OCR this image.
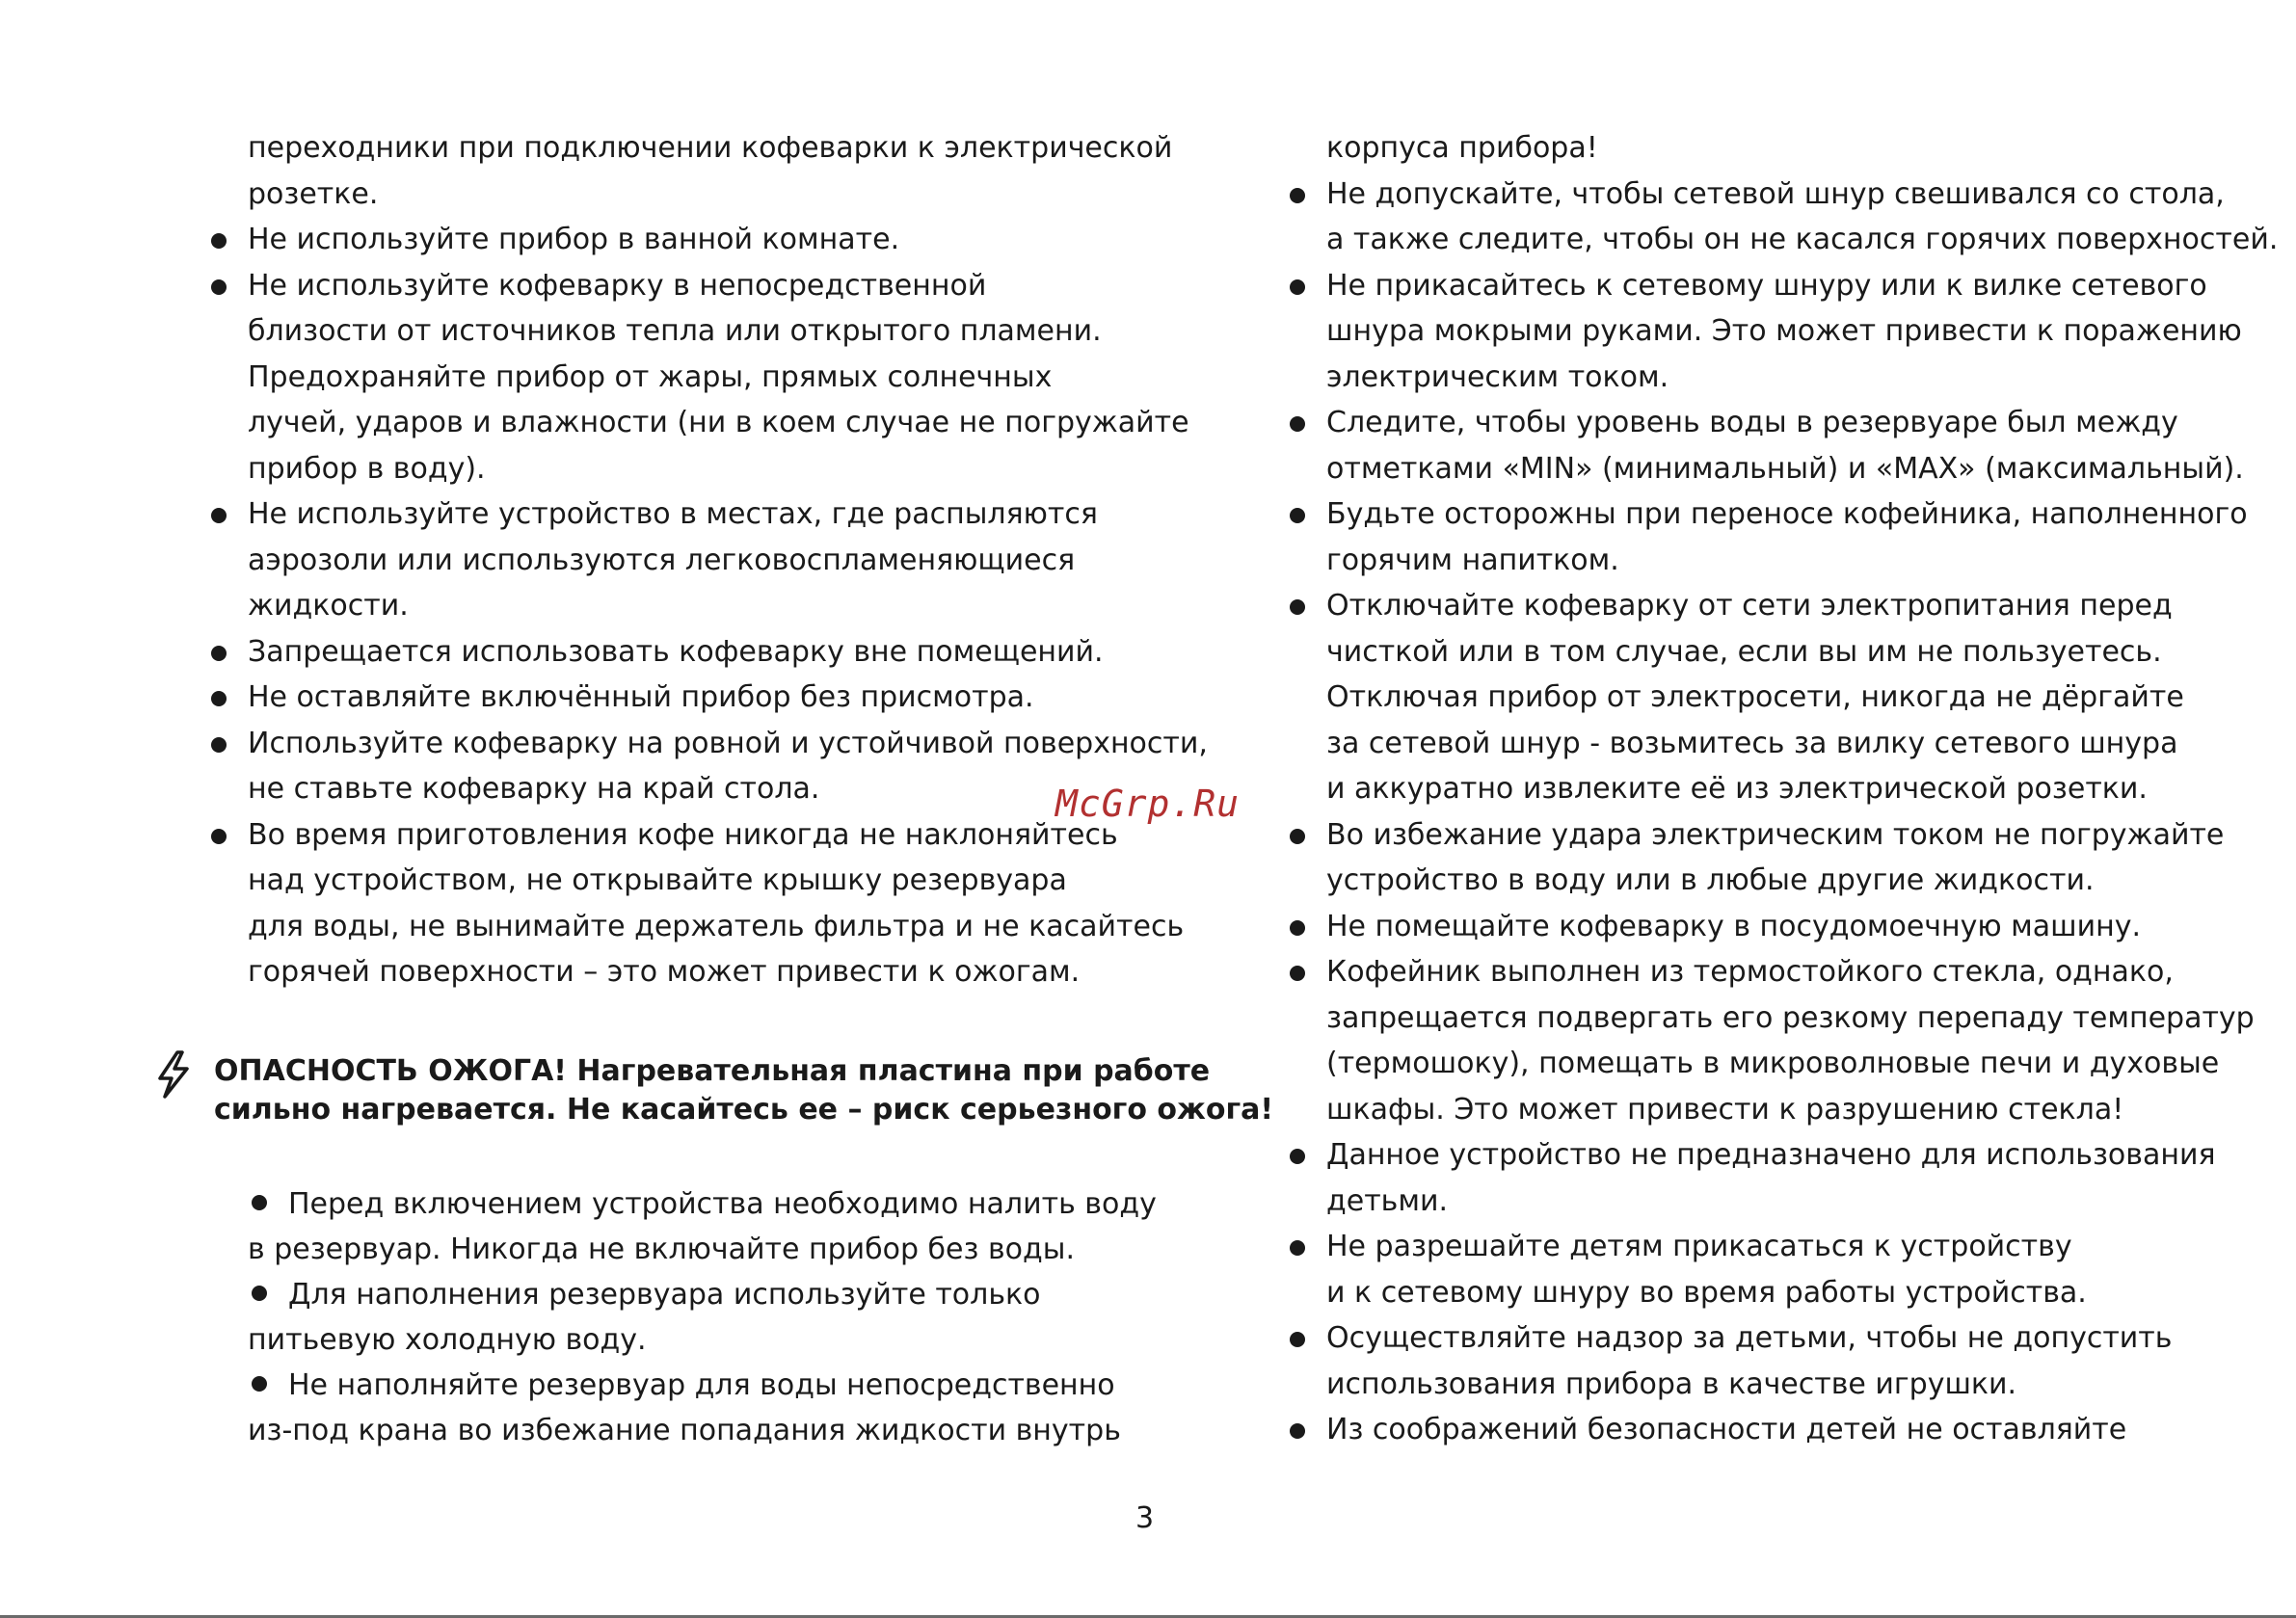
переходники при подключении кофеварки к электрической
розетке.
Не используйте прибор в ванной комнате.
Не используйте кофеварку в непосредственной
близости от источников тепла или открытого пламени.
Предохраняйте прибор от жары, прямых солнечных
лучей, ударов и влажности (ни в коем случае не погружайте
прибор в воду).
Не используйте устройство в местах, где распыляются
аэрозоли или используются легковоспламеняющиеся
жидкости.
Запрещается использовать кофеварку вне помещений.
Не оставляйте включённый прибор без присмотра.
Используйте кофеварку на ровной и устойчивой поверхности,
не ставьте кофеварку на край стола.
Во время приготовления кофе никогда не наклоняйтесь
над устройством, не открывайте крышку резервуара
для воды, не вынимайте держатель фильтра и не касайтесь
горячей поверхности – это может привести к ожогам.
ОПАСНОСТЬ ОЖОГА! Нагревательная пластина при работе
сильно нагревается. Не касайтесь ее – риск серьезного ожога!
Перед включением устройства необходимо налить воду
в резервуар. Никогда не включайте прибор без воды.
Для наполнения резервуара используйте только
питьевую холодную воду.
Не наполняйте резервуар для воды непосредственно
из-под крана во избежание попадания жидкости внутрь
корпуса прибора!
Не допускайте, чтобы сетевой шнур свешивался со стола,
а также следите, чтобы он не касался горячих поверхностей.
Не прикасайтесь к сетевому шнуру или к вилке сетевого
шнура мокрыми руками. Это может привести к поражению
электрическим током.
Следите, чтобы уровень воды в резервуаре был между
отметками «MIN» (минимальный) и «MAX» (максимальный).
Будьте осторожны при переносе кофейника, наполненного
горячим напитком.
Отключайте кофеварку от сети электропитания перед
чисткой или в том случае, если вы им не пользуетесь.
Отключая прибор от электросети, никогда не дёргайте
за сетевой шнур - возьмитесь за вилку сетевого шнура
и аккуратно извлеките её из электрической розетки.
Во избежание удара электрическим током не погружайте
устройство в воду или в любые другие жидкости.
Не помещайте кофеварку в посудомоечную машину.
Кофейник выполнен из термостойкого стекла, однако,
запрещается подвергать его резкому перепаду температур
(термошоку), помещать в микроволновые печи и духовые
шкафы. Это может привести к разрушению стекла!
Данное устройство не предназначено для использования
детьми.
Не разрешайте детям прикасаться к устройству
и к сетевому шнуру во время работы устройства.
Осуществляйте надзор за детьми, чтобы не допустить
использования прибора в качестве игрушки.
Из соображений безопасности детей не оставляйте
McGrp.Ru
3
